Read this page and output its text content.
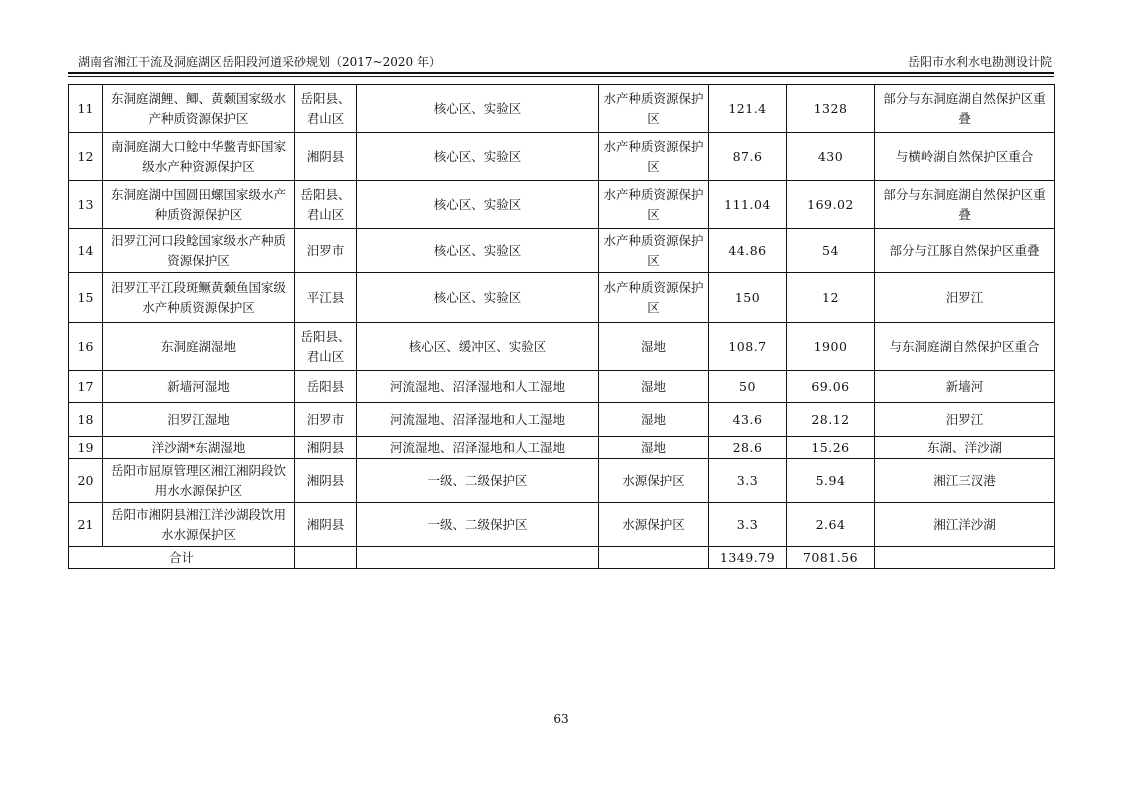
湖南省湘江干流及洞庭湖区岳阳段河道采砂规划（2017~2020 年）	岳阳市水利水电勘测设计院
11	东洞庭湖鲤、鲫、黄颡国家级水产种质资源保护区	岳阳县、君山区	核心区、实验区	水产种质资源保护区	121.4	1328	部分与东洞庭湖自然保护区重叠
12	南洞庭湖大口鲶中华鳖青虾国家级水产种资源保护区	湘阴县	核心区、实验区	水产种质资源保护区	87.6	430	与横岭湖自然保护区重合
13	东洞庭湖中国圆田螺国家级水产种质资源保护区	岳阳县、君山区	核心区、实验区	水产种质资源保护区	111.04	169.02	部分与东洞庭湖自然保护区重叠
14	汨罗江河口段鲶国家级水产种质资源保护区	汨罗市	核心区、实验区	水产种质资源保护区	44.86	54	部分与江豚自然保护区重叠
15	汨罗江平江段斑鳜黄颡鱼国家级水产种质资源保护区	平江县	核心区、实验区	水产种质资源保护区	150	12	汨罗江
16	东洞庭湖湿地	岳阳县、君山区	核心区、缓冲区、实验区	湿地	108.7	1900	与东洞庭湖自然保护区重合
17	新墙河湿地	岳阳县	河流湿地、沼泽湿地和人工湿地	湿地	50	69.06	新墙河
18	汨罗江湿地	汨罗市	河流湿地、沼泽湿地和人工湿地	湿地	43.6	28.12	汨罗江
19	洋沙湖*东湖湿地	湘阴县	河流湿地、沼泽湿地和人工湿地	湿地	28.6	15.26	东湖、洋沙湖
20	岳阳市屈原管理区湘江湘阴段饮用水水源保护区	湘阴县	一级、二级保护区	水源保护区	3.3	5.94	湘江三汊港
21	岳阳市湘阴县湘江洋沙湖段饮用水水源保护区	湘阴县	一级、二级保护区	水源保护区	3.3	2.64	湘江洋沙湖
合计					1349.79	7081.56	
63
